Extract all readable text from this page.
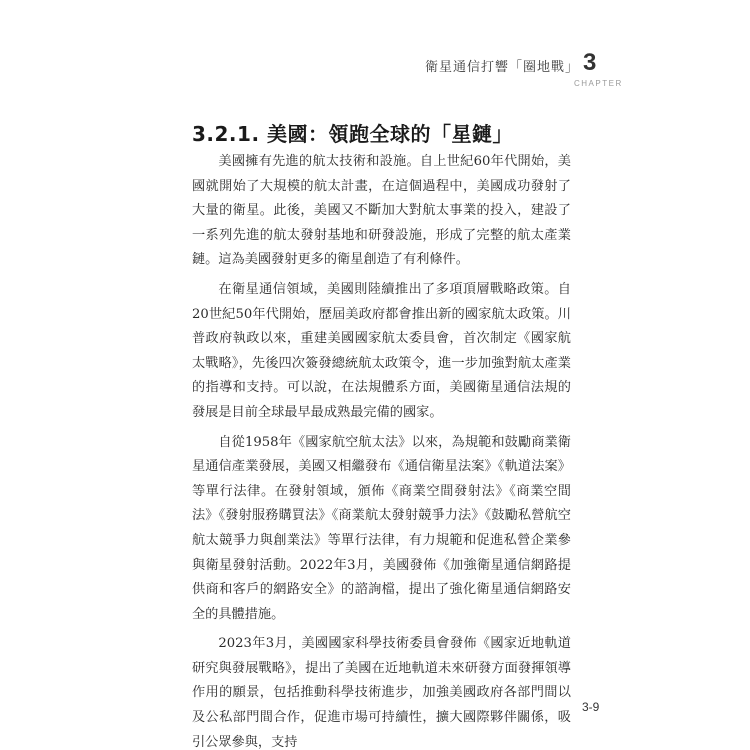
衛星通信打響「圈地戰」 3
CHAPTER
3.2.1. 美國：領跑全球的「星鏈」

美國擁有先進的航太技術和設施。自上世紀60年代開始，美國就開始了大規模的航太計畫，在這個過程中，美國成功發射了大量的衛星。此後，美國又不斷加大對航太事業的投入，建設了一系列先進的航太發射基地和研發設施，形成了完整的航太產業鏈。這為美國發射更多的衛星創造了有利條件。

在衛星通信領域，美國則陸續推出了多項頂層戰略政策。自20世紀50年代開始，歷屆美政府都會推出新的國家航太政策。川普政府執政以來，重建美國國家航太委員會，首次制定《國家航太戰略》，先後四次簽發總統航太政策令，進一步加強對航太產業的指導和支持。可以說，在法規體系方面，美國衛星通信法規的發展是目前全球最早最成熟最完備的國家。

自從1958年《國家航空航太法》以來，為規範和鼓勵商業衛星通信產業發展，美國又相繼發布《通信衛星法案》《軌道法案》等單行法律。在發射領域，頒佈《商業空間發射法》《商業空間法》《發射服務購買法》《商業航太發射競爭力法》《鼓勵私營航空航太競爭力與創業法》等單行法律，有力規範和促進私營企業參與衛星發射活動。2022年3月，美國發佈《加強衛星通信網路提供商和客戶的網路安全》的諮詢檔，提出了強化衛星通信網路安全的具體措施。

2023年3月，美國國家科學技術委員會發佈《國家近地軌道研究與發展戰略》，提出了美國在近地軌道未來研發方面發揮領導作用的願景，包括推動科學技術進步，加強美國政府各部門間以及公私部門間合作，促進市場可持續性，擴大國際夥伴關係，吸引公眾參與，支持

3-9
